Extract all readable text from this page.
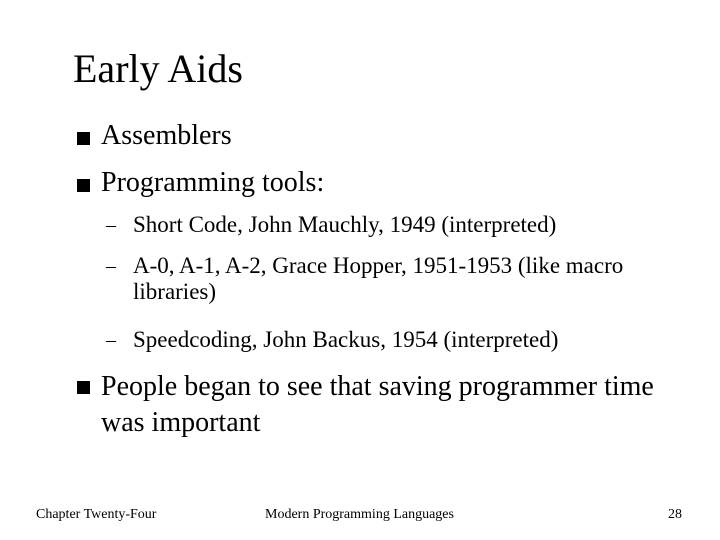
Early Aids
Assemblers
Programming tools:
– Short Code, John Mauchly, 1949 (interpreted)
– A-0, A-1, A-2, Grace Hopper, 1951-1953 (like macro libraries)
– Speedcoding, John Backus, 1954 (interpreted)
People began to see that saving programmer time was important
Chapter Twenty-Four	Modern Programming Languages	28
